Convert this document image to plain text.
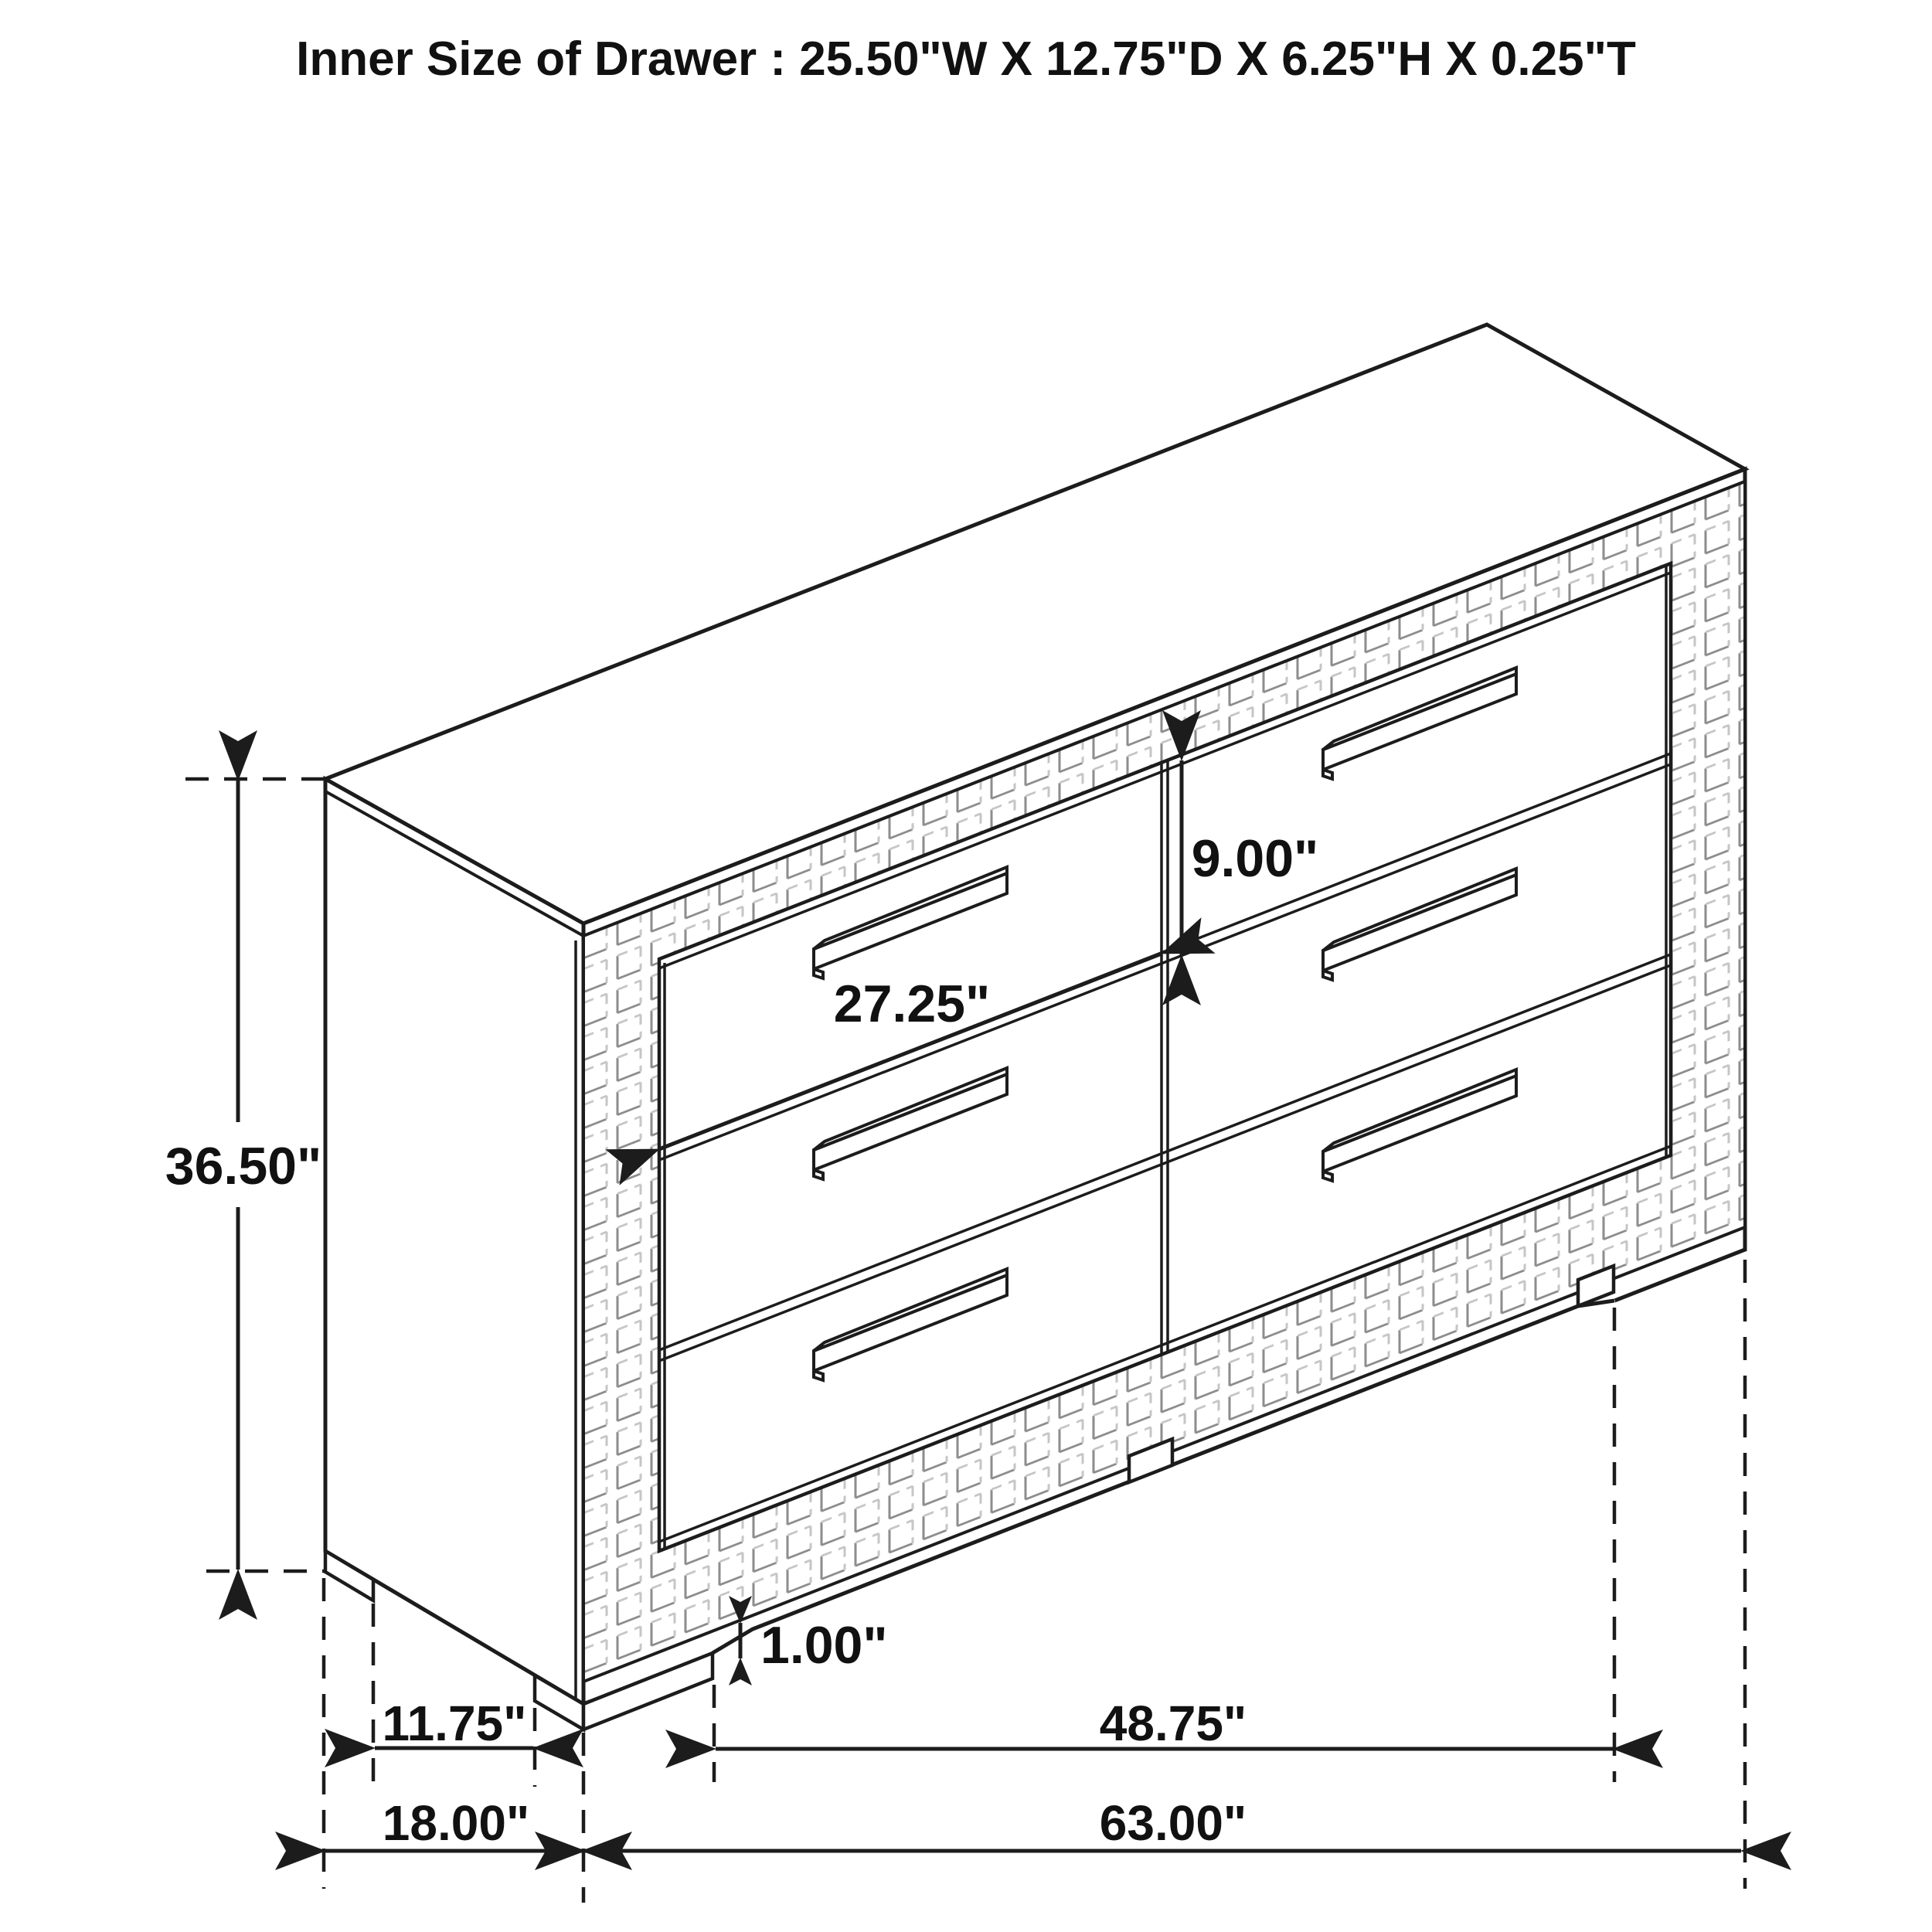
36.50"
9.00"
27.25"
1.00"
11.75"
18.00"
48.75"
63.00"
Inner Size of Drawer : 25.50"W X 12.75"D X 6.25"H X 0.25"T
